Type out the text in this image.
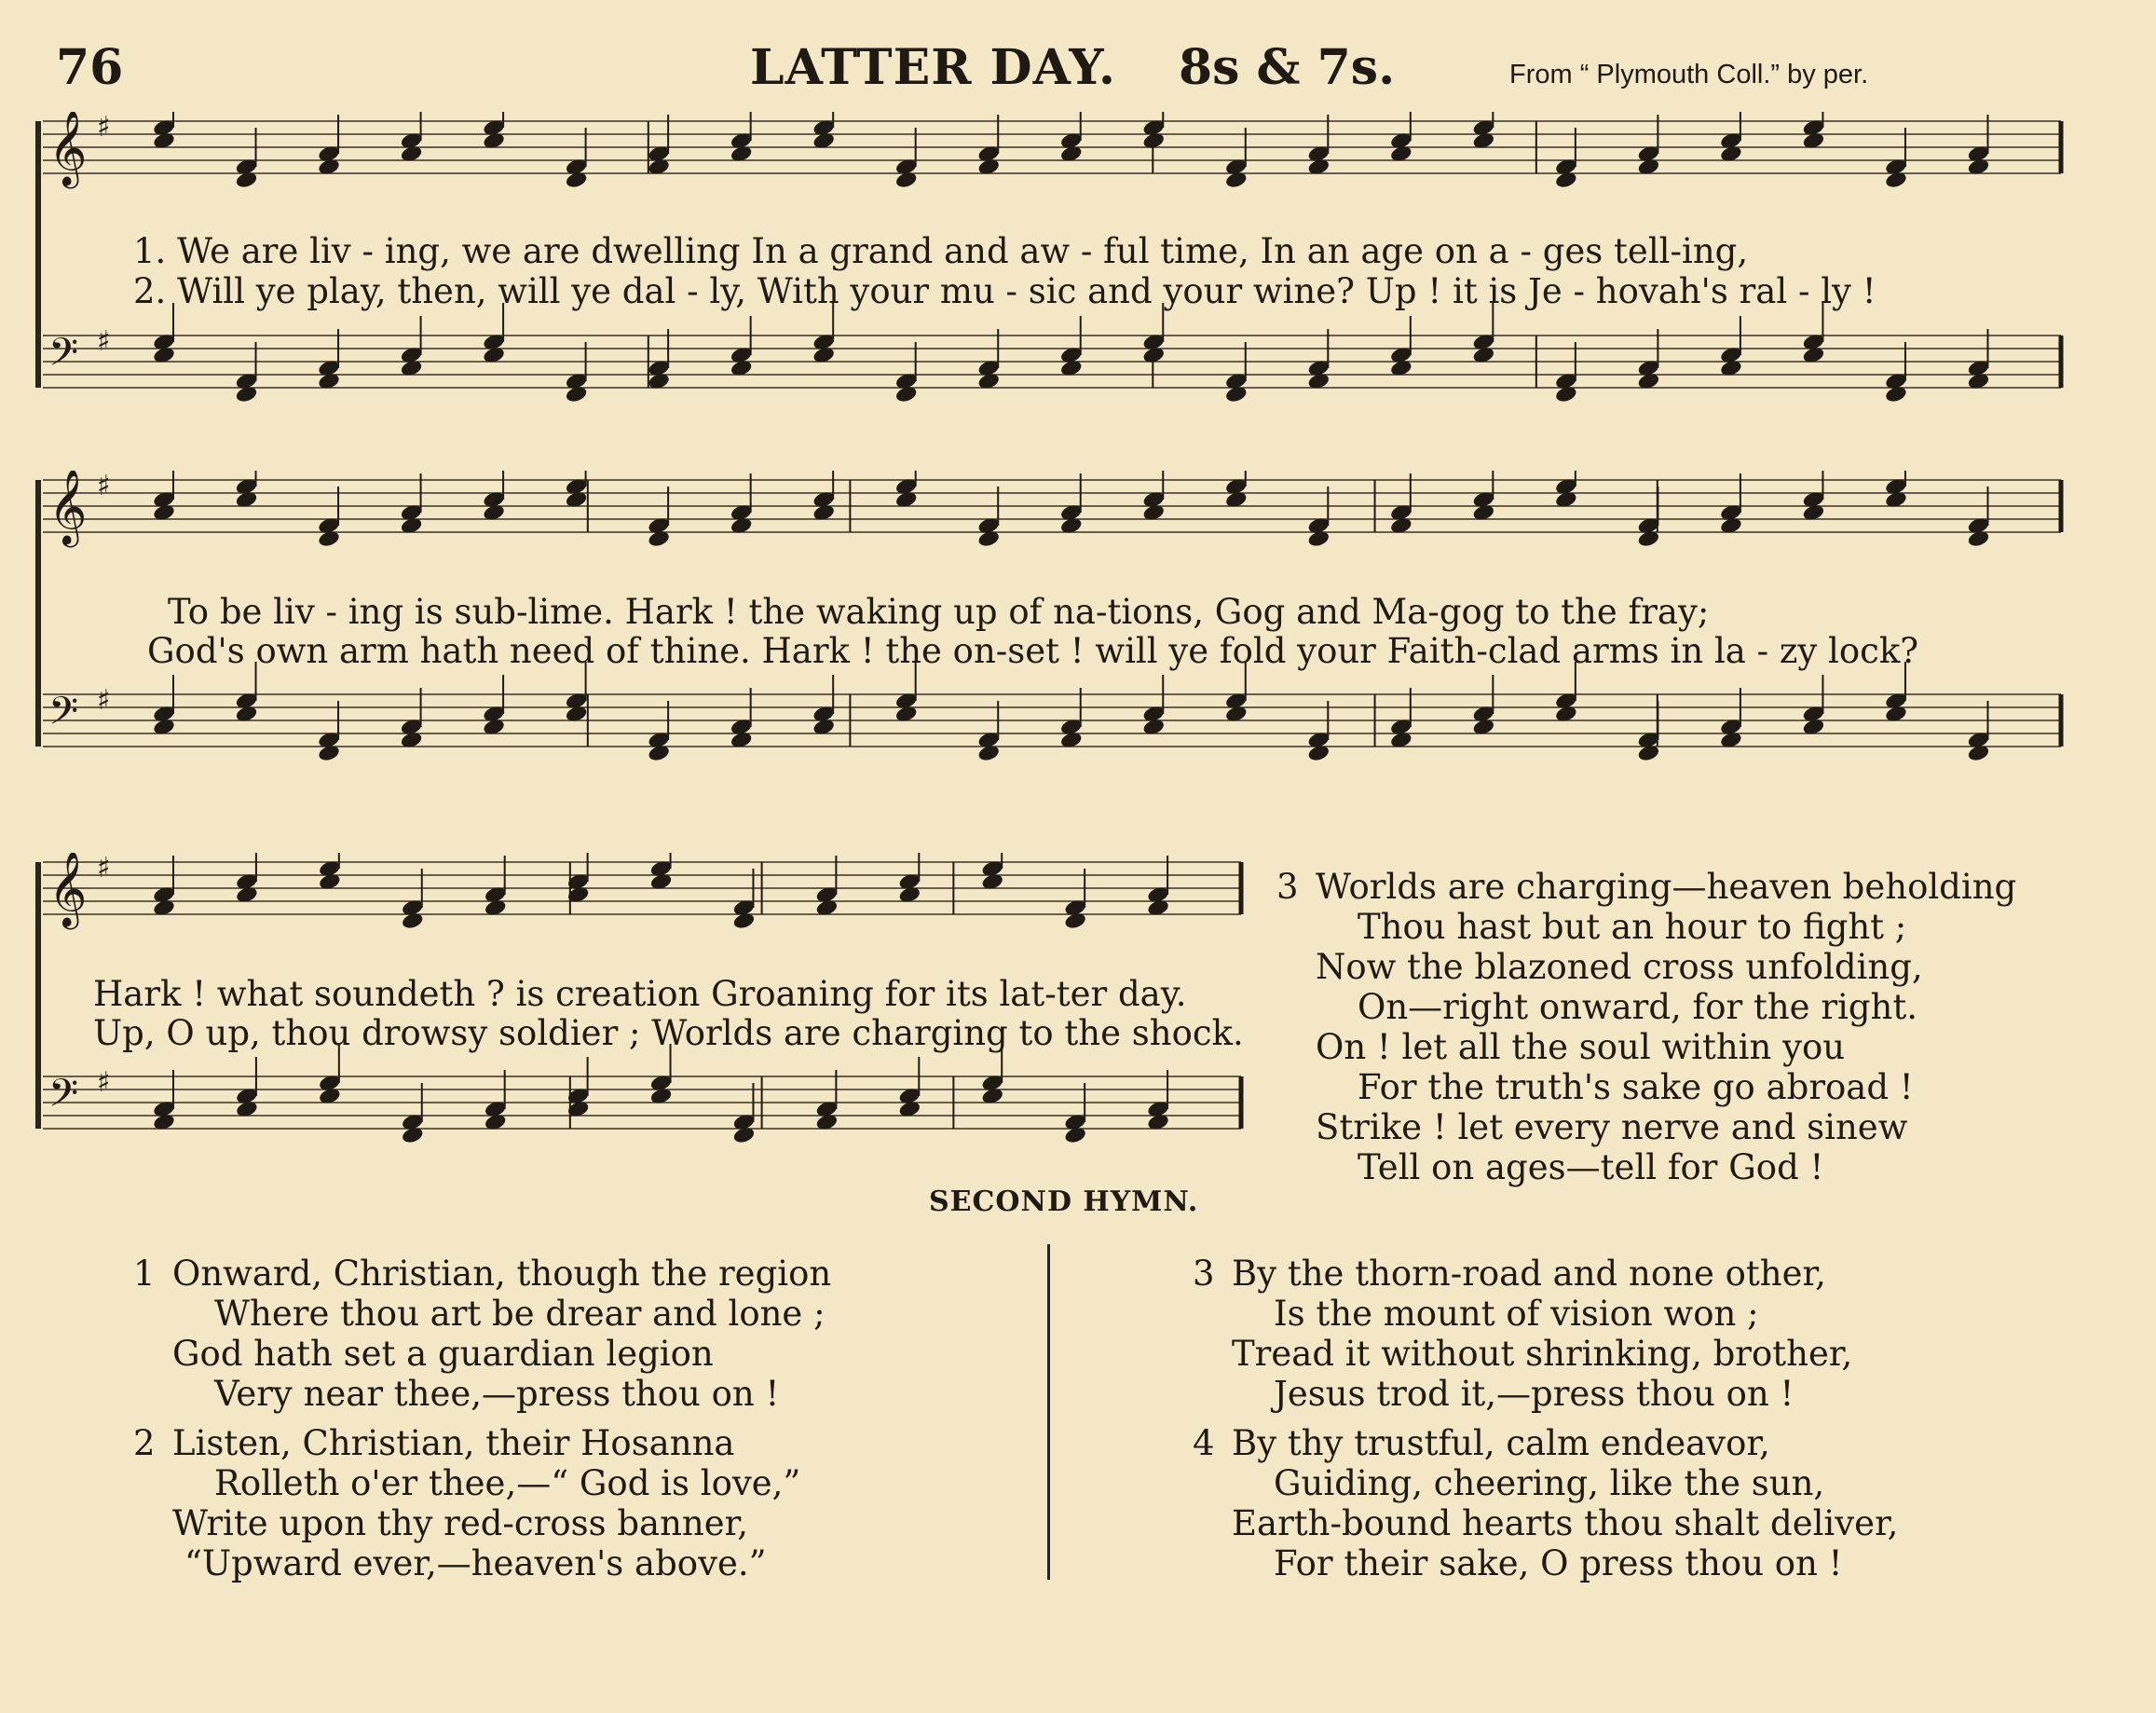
76	LATTER DAY. 8s & 7s.	From “ Plymouth Coll.” by per.
𝄞 ♯
𝄢 ♯
1. We are liv - ing, we are dwelling In a grand and aw - ful time, In an age on a - ges tell-ing,
2. Will ye play, then, will ye dal - ly, With your mu - sic and your wine? Up ! it is Je - hovah's ral - ly !
𝄞 ♯
𝄢 ♯
To be liv - ing is sub-lime. Hark ! the waking up of na-tions, Gog and Ma-gog to the fray;
God's own arm hath need of thine. Hark ! the on-set ! will ye fold your Faith-clad arms in la - zy lock?
𝄞 ♯
𝄢 ♯
Hark ! what soundeth ? is creation Groaning for its lat-ter day.
Up, O up, thou drowsy soldier ; Worlds are charging to the shock.
3 Worlds are charging—heaven beholding
Thou hast but an hour to fight ;
Now the blazoned cross unfolding,
On—right onward, for the right.
On ! let all the soul within you
For the truth's sake go abroad !
Strike ! let every nerve and sinew
Tell on ages—tell for God !
SECOND HYMN.
1 Onward, Christian, though the region
Where thou art be drear and lone ;
God hath set a guardian legion
Very near thee,—press thou on !
2 Listen, Christian, their Hosanna
Rolleth o'er thee,—“ God is love,”
Write upon thy red-cross banner,
“Upward ever,—heaven's above.”
3 By the thorn-road and none other,
Is the mount of vision won ;
Tread it without shrinking, brother,
Jesus trod it,—press thou on !
4 By thy trustful, calm endeavor,
Guiding, cheering, like the sun,
Earth-bound hearts thou shalt deliver,
For their sake, O press thou on !
